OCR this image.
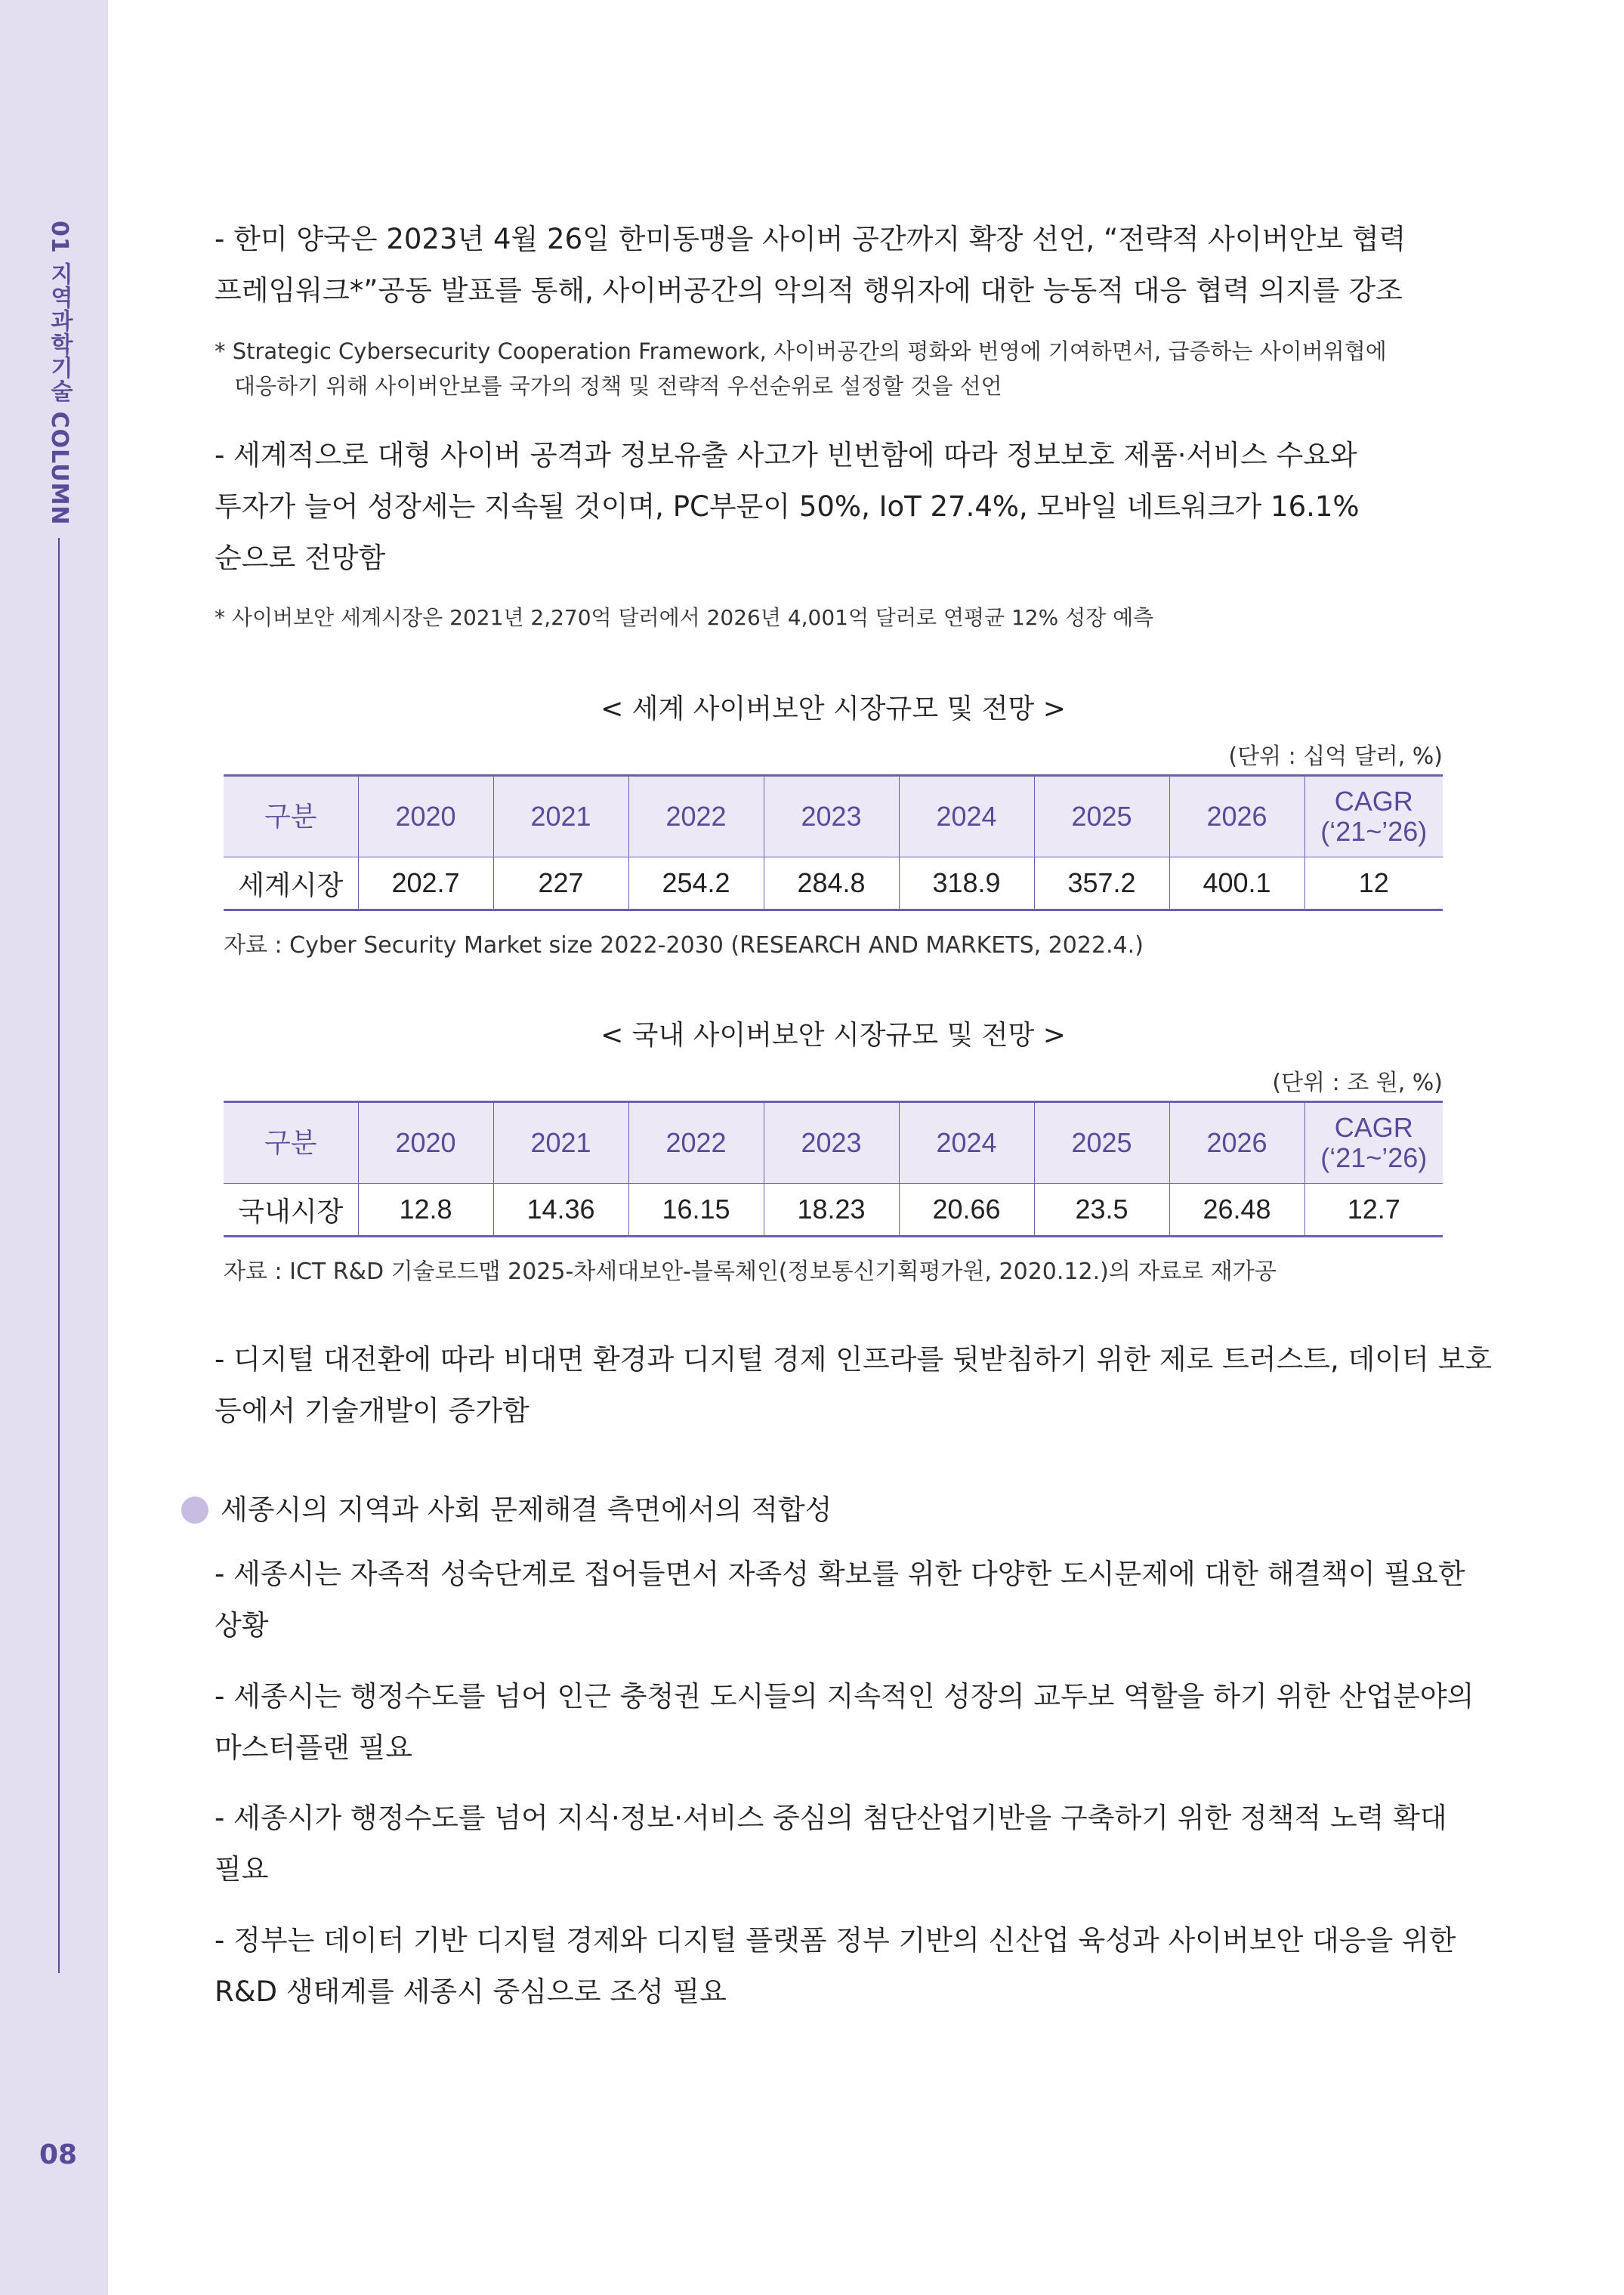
01 지역과학기술 COLUMN
08
- 한미 양국은 2023년 4월 26일 한미동맹을 사이버 공간까지 확장 선언, “전략적 사이버안보 협력
프레임워크*”공동 발표를 통해, 사이버공간의 악의적 행위자에 대한 능동적 대응 협력 의지를 강조
* Strategic Cybersecurity Cooperation Framework, 사이버공간의 평화와 번영에 기여하면서, 급증하는 사이버위협에
대응하기 위해 사이버안보를 국가의 정책 및 전략적 우선순위로 설정할 것을 선언
- 세계적으로 대형 사이버 공격과 정보유출 사고가 빈번함에 따라 정보보호 제품·서비스 수요와
투자가 늘어 성장세는 지속될 것이며, PC부문이 50%, IoT 27.4%, 모바일 네트워크가 16.1%
순으로 전망함
* 사이버보안 세계시장은 2021년 2,270억 달러에서 2026년 4,001억 달러로 연평균 12% 성장 예측
< 세계 사이버보안 시장규모 및 전망 >
(단위 : 십억 달러, %)
구분	2020	2021	2022	2023	2024	2025	2026	CAGR
(‘21~’26)

세계시장	202.7	227	254.2	284.8	318.9	357.2	400.1	12
자료 : Cyber Security Market size 2022-2030 (RESEARCH AND MARKETS, 2022.4.)
< 국내 사이버보안 시장규모 및 전망 >
(단위 : 조 원, %)
구분	2020	2021	2022	2023	2024	2025	2026	CAGR
(‘21~’26)

국내시장	12.8	14.36	16.15	18.23	20.66	23.5	26.48	12.7
자료 : ICT R&D 기술로드맵 2025-차세대보안-블록체인(정보통신기획평가원, 2020.12.)의 자료로 재가공
- 디지털 대전환에 따라 비대면 환경과 디지털 경제 인프라를 뒷받침하기 위한 제로 트러스트, 데이터 보호
등에서 기술개발이 증가함
세종시의 지역과 사회 문제해결 측면에서의 적합성
- 세종시는 자족적 성숙단계로 접어들면서 자족성 확보를 위한 다양한 도시문제에 대한 해결책이 필요한
상황
- 세종시는 행정수도를 넘어 인근 충청권 도시들의 지속적인 성장의 교두보 역할을 하기 위한 산업분야의
마스터플랜 필요
- 세종시가 행정수도를 넘어 지식·정보·서비스 중심의 첨단산업기반을 구축하기 위한 정책적 노력 확대
필요
- 정부는 데이터 기반 디지털 경제와 디지털 플랫폼 정부 기반의 신산업 육성과 사이버보안 대응을 위한
R&D 생태계를 세종시 중심으로 조성 필요
